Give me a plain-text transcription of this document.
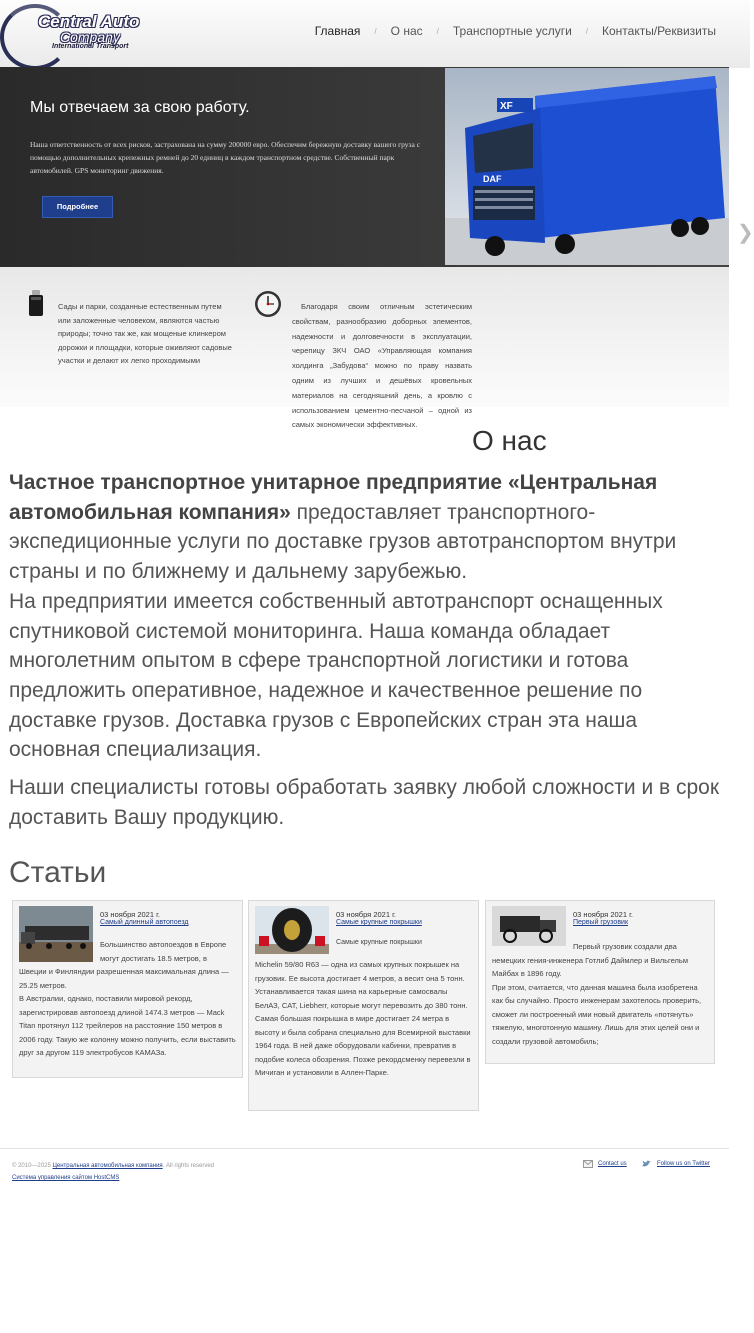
Central Auto
Company
International Transport
Главная / О нас / Транспортные услуги / Контакты/Реквизиты
Мы отвечаем за свою работу.
Наша ответственность от всех рисков, застрахована на сумму 200000 евро. Обеспечим бережную доставку вашего груза с помощью дополнительных крепежных ремней до 20 единиц в каждом транспортном средстве. Собственный парк автомобилей. GPS мониторинг движения.
Подробнее
DAF
XF
❯
Сады и парки, созданные естественным путем или заложенные человеком, являются частью природы; точно так же, как мощеные клинкером дорожки и площадки, которые оживляют садовые участки и делают их легко проходимыми
Благодаря своим отличным эстетическим свойствам, разнообразию доборных элементов, надежности и долговечности в эксплуатации, черепицу ЗКЧ ОАО «Управляющая компания холдинга „Забудова“ можно по праву назвать одним из лучших и дешёвых кровельных материалов на сегодняшний день, а кровлю с использованием цементно-песчаной – одной из самых экономически эффективных.
О нас

Частное транспортное унитарное предприятие «Центральная автомобильная компания» предоставляет транспортного-экспедиционные услуги по доставке грузов автотранспортом внутри страны и по ближнему и дальнему зарубежью.

На предприятии имеется собственный автотранспорт оснащенных спутниковой системой мониторинга. Наша команда обладает многолетним опытом в сфере транспортной логистики и готова предложить оперативное, надежное и качественное решение по доставке грузов. Доставка грузов с Европейских стран эта наша основная специализация.

Наши специалисты готовы обработать заявку любой сложности и в срок доставить Вашу продукцию.

Статьи
03 ноября 2021 г.
Самый длинный автопоезд

Большинство автопоездов в Европе могут достигать 18.5 метров, в Швеции и Финляндии разрешенная максимальная длина — 25.25 метров.

В Австралии, однако, поставили мировой рекорд, зарегистрировав автопоезд длиной 1474.3 метров — Mack Titan протянул 112 трейлеров на расстояние 150 метров в 2006 году. Такую же колонну можно получить, если выставить друг за другом 119 электробусов КАМАЗа.

03 ноября 2021 г.
Самые крупные покрышки
Самые крупные покрышки

Michelin 59/80 R63 — одна из самых крупных покрышек на грузовик. Ее высота достигает 4 метров, а весит она 5 тонн. Устанавливается такая шина на карьерные самосвалы БелАЗ, CAT, Liebherr, которые могут перевозить до 380 тонн.

Самая большая покрышка в мире достигает 24 метра в высоту и была собрана специально для Всемирной выставки 1964 года. В ней даже оборудовали кабинки, превратив в подобие колеса обозрения. Позже рекордсменку перевезли в Мичиган и установили в Аллен-Парке.

03 ноября 2021 г.
Первый грузовик

Первый грузовик создали два немецких гения-инженера Готлиб Даймлер и Вильгельм Майбах в 1896 году.

При этом, считается, что данная машина была изобретена как бы случайно. Просто инженерам захотелось проверить, сможет ли построенный ими новый двигатель «потянуть» тяжелую, многотонную машину. Лишь для этих целей они и создали грузовой автомобиль;

© 2010—2025 Центральная автомобильная компания. All rights reserved
Система управления сайтом HostCMS
Contact us	Follow us on Twitter
